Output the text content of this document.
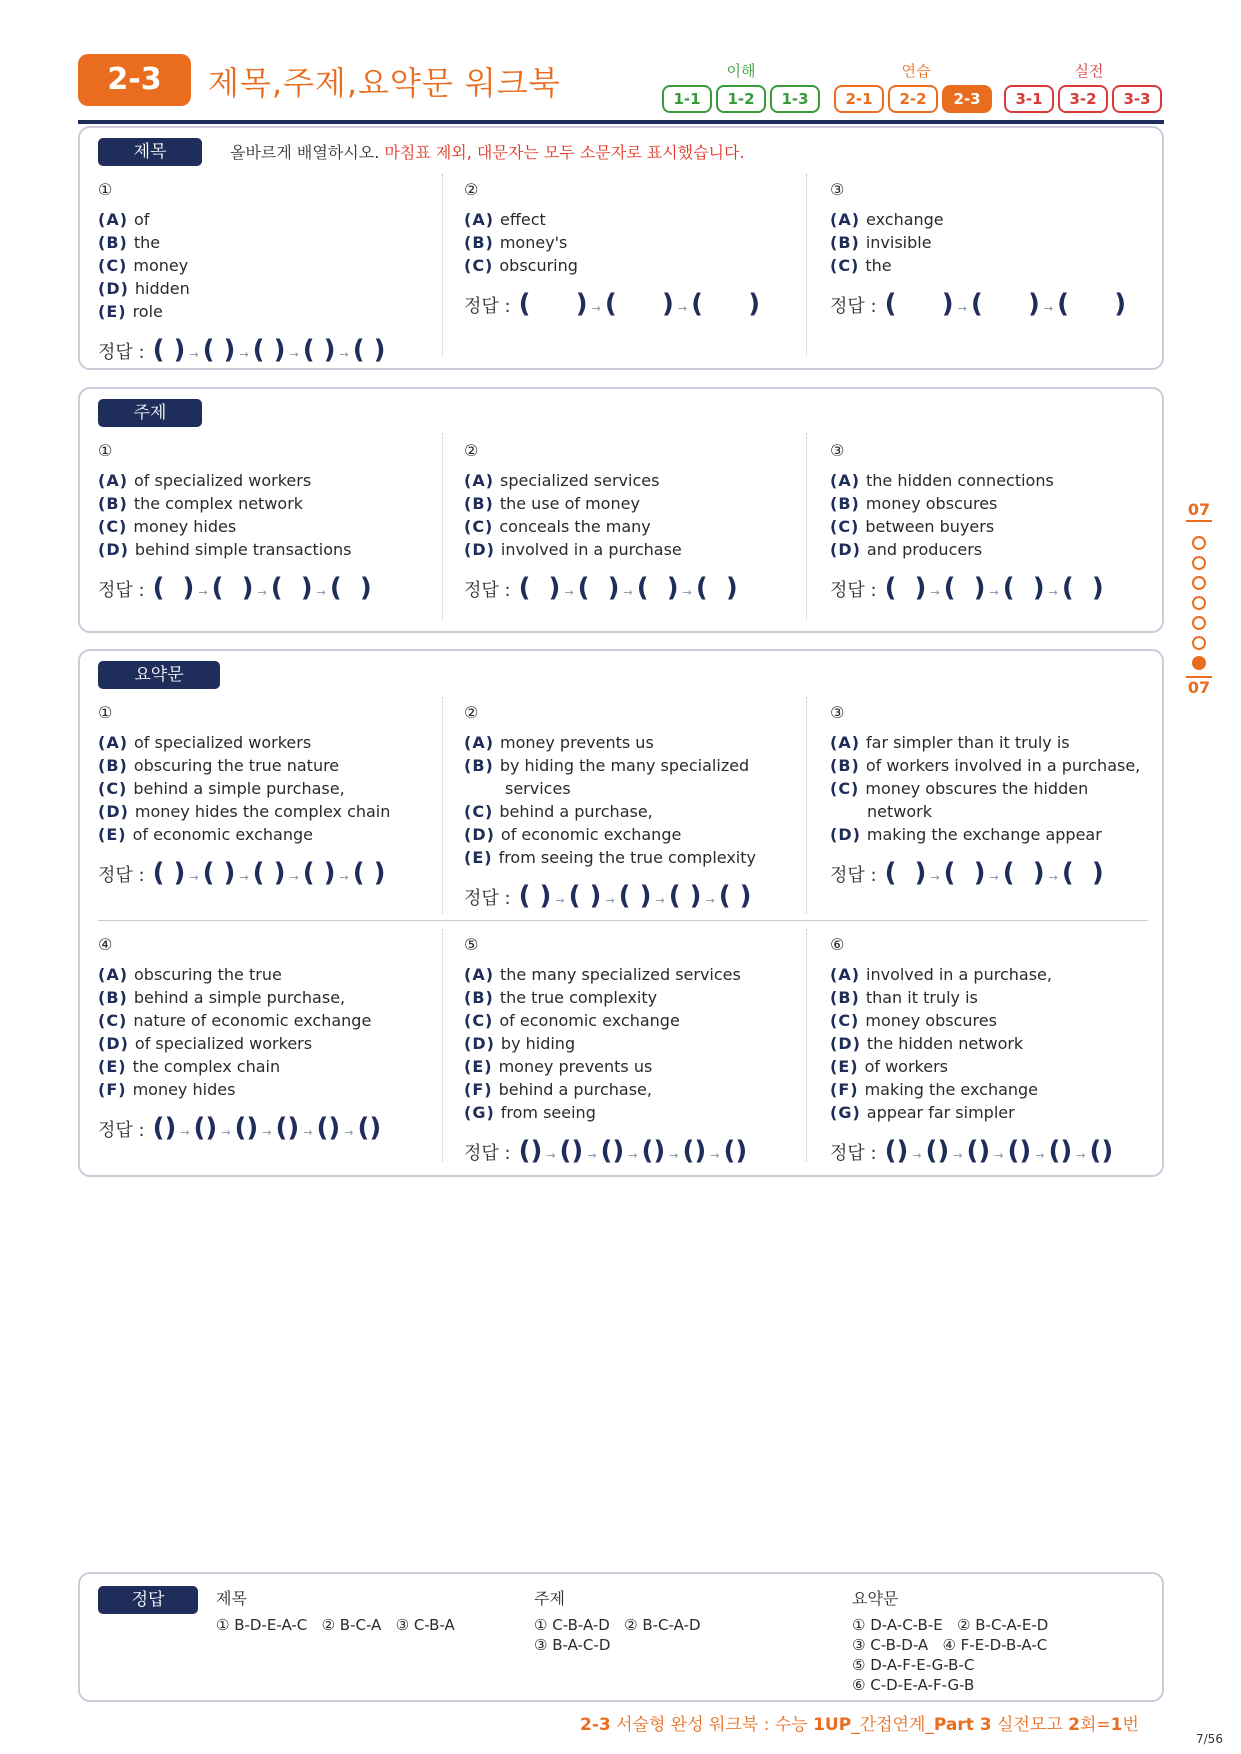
2-3	제목,주제,요약문 워크북	이해	연습	실전
1-1	1-2	1-3	2-1	2-2	2-3	3-1	3-2	3-3
제목	올바르게 배열하시오. 마침표 제외, 대문자는 모두 소문자로 표시했습니다.
①
(A) of
(B) the
(C) money
(D) hidden
(E) role
정답 : ( ) → ( ) → ( ) → ( ) → ( )
②
(A) effect
(B) money's
(C) obscuring
정답 : (     ) → (     ) → (     )
③
(A) exchange
(B) invisible
(C) the
정답 : (     ) → (     ) → (     )
주제
①
(A) of specialized workers
(B) the complex network
(C) money hides
(D) behind simple transactions
정답 : (  ) → (  ) → (  ) → (  )
②
(A) specialized services
(B) the use of money
(C) conceals the many
(D) involved in a purchase
정답 : (  ) → (  ) → (  ) → (  )
③
(A) the hidden connections
(B) money obscures
(C) between buyers
(D) and producers
정답 : (  ) → (  ) → (  ) → (  )
요약문
①
(A) of specialized workers
(B) obscuring the true nature
(C) behind a simple purchase,
(D) money hides the complex chain
(E) of economic exchange
정답 : ( ) → ( ) → ( ) → ( ) → ( )
②
(A) money prevents us
(B) by hiding the many specialized
services
(C) behind a purchase,
(D) of economic exchange
(E) from seeing the true complexity
정답 : ( ) → ( ) → ( ) → ( ) → ( )
③
(A) far simpler than it truly is
(B) of workers involved in a purchase,
(C) money obscures the hidden
network
(D) making the exchange appear
정답 : (  ) → (  ) → (  ) → (  )
④
(A) obscuring the true
(B) behind a simple purchase,
(C) nature of economic exchange
(D) of specialized workers
(E) the complex chain
(F) money hides
정답 : () → () → () → () → () → ()
⑤
(A) the many specialized services
(B) the true complexity
(C) of economic exchange
(D) by hiding
(E) money prevents us
(F) behind a purchase,
(G) from seeing
정답 : () → () → () → () → () → ()
⑥
(A) involved in a purchase,
(B) than it truly is
(C) money obscures
(D) the hidden network
(E) of workers
(F) making the exchange
(G) appear far simpler
정답 : () → () → () → () → () → ()
07
07
정답	제목
① B-D-E-A-C   ② B-C-A   ③ C-B-A
주제
① C-B-A-D   ② B-C-A-D
③ B-A-C-D
요약문
① D-A-C-B-E   ② B-C-A-E-D
③ C-B-D-A   ④ F-E-D-B-A-C
⑤ D-A-F-E-G-B-C
⑥ C-D-E-A-F-G-B
2-3 서술형 완성 워크북 : 수능 1UP_간접연계_Part 3 실전모고 2회=1번
7/56
